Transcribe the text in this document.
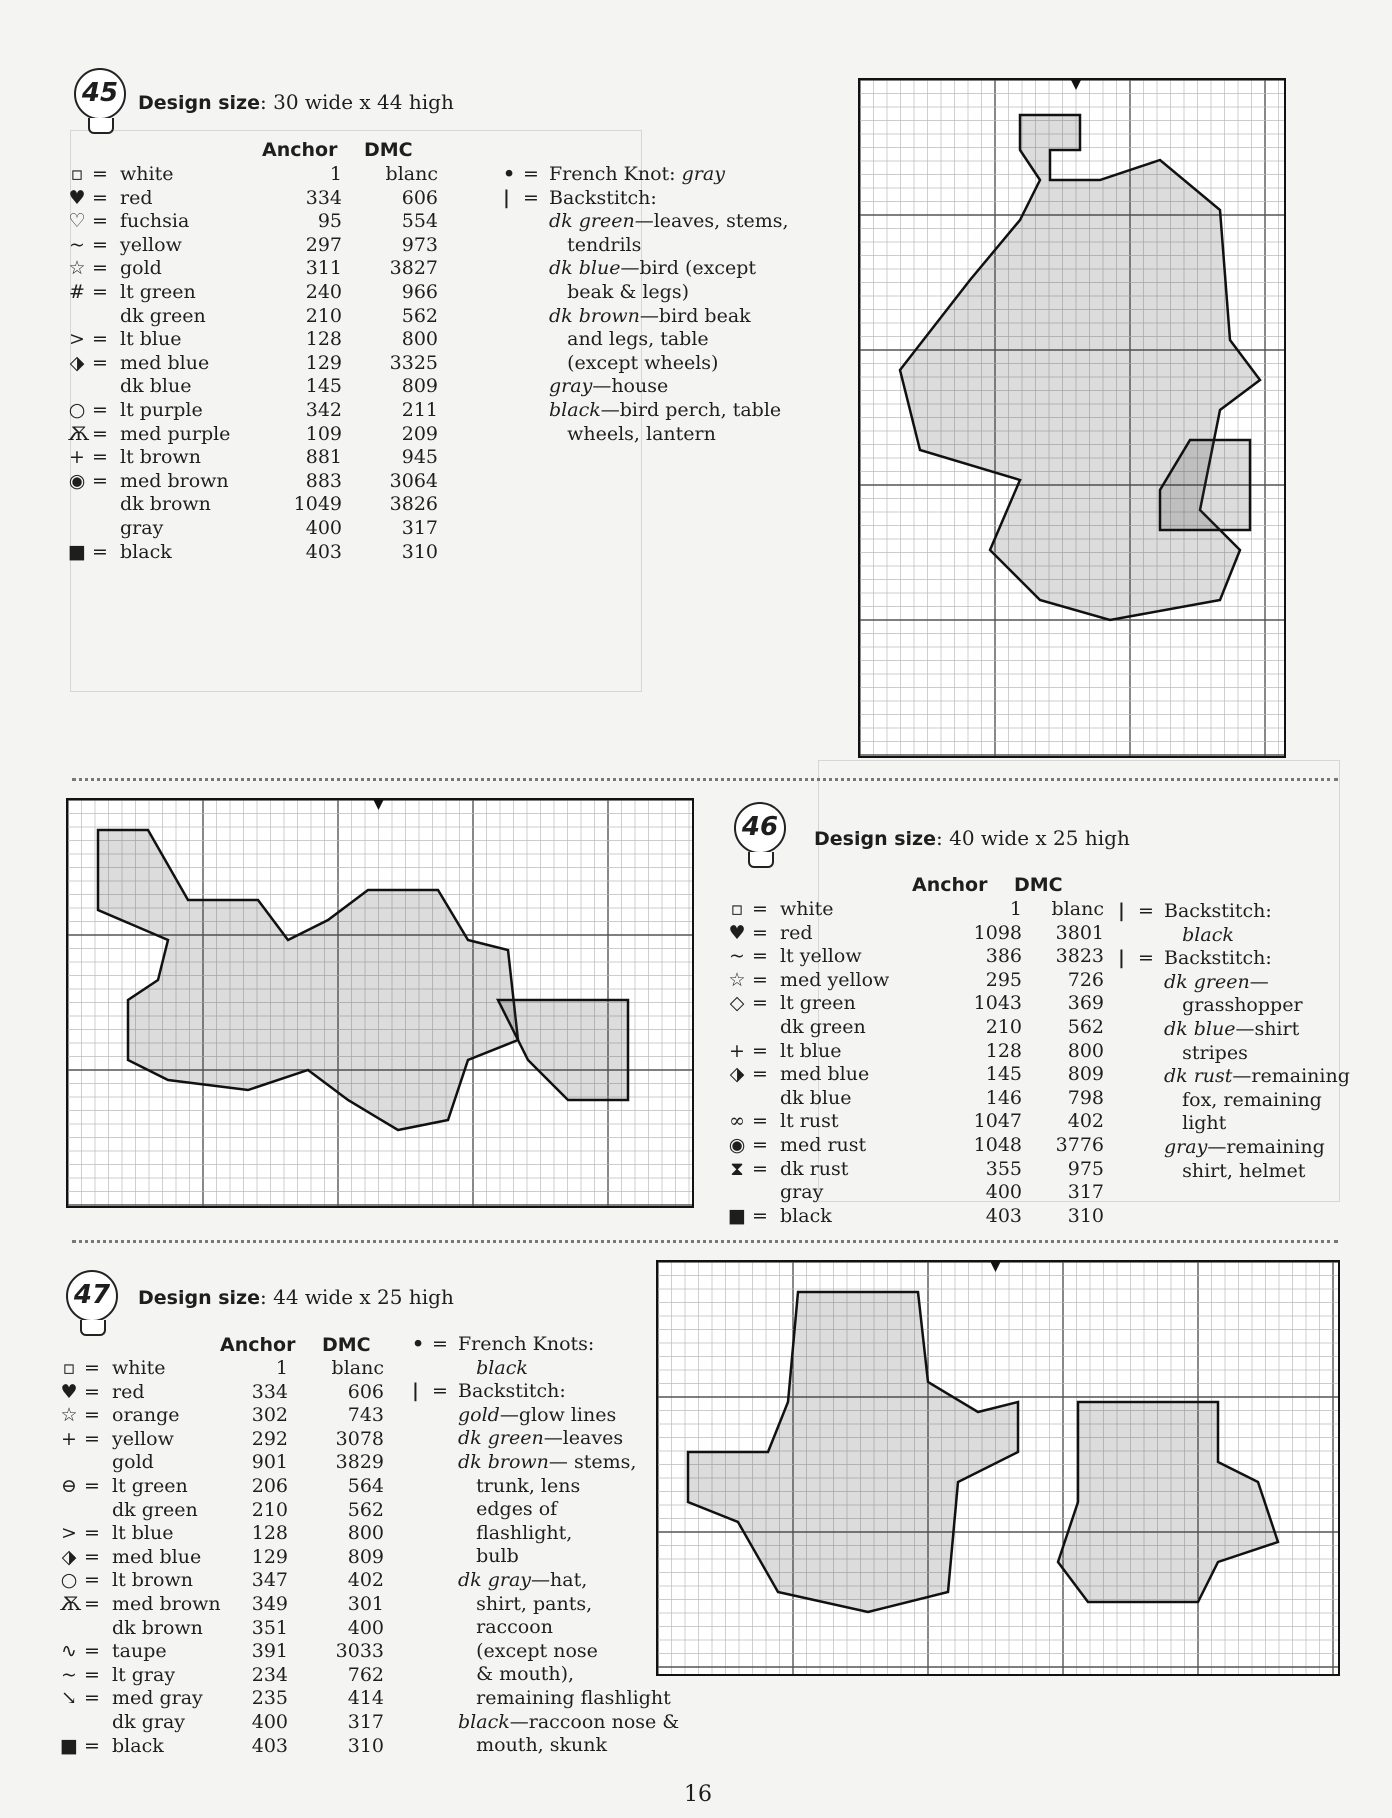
45	Design size: 30 wide x 44 high
Anchor DMC
▫ = white	1	blanc
♥ = red	334	606
♡ = fuchsia	95	554
~ = yellow	297	973
☆ = gold	311	3827
# = lt green	240	966
dk green	210	562
> = lt blue	128	800
⬗ = med blue	129	3325
dk blue	145	809
○ = lt purple	342	211
Ѫ = med purple	109	209
+ = lt brown	881	945
◉ = med brown	883	3064
dk brown	1049	3826
gray	400	317
■ = black	403	310
• = French Knot: gray
| = Backstitch:
dk green—leaves, stems,
tendrils
dk blue—bird (except
beak & legs)
dk brown—bird beak
and legs, table
(except wheels)
gray—house
black—bird perch, table
wheels, lantern
46	Design size: 40 wide x 25 high
Anchor DMC
▫ = white	1	blanc
♥ = red	1098	3801
~ = lt yellow	386	3823
☆ = med yellow	295	726
◇ = lt green	1043	369
dk green	210	562
+ = lt blue	128	800
⬗ = med blue	145	809
dk blue	146	798
∞ = lt rust	1047	402
◉ = med rust	1048	3776
⧗ = dk rust	355	975
gray	400	317
■ = black	403	310
| = Backstitch:
black
| = Backstitch:
dk green—
grasshopper
dk blue—shirt
stripes
dk rust—remaining
fox, remaining
light
gray—remaining
shirt, helmet
47	Design size: 44 wide x 25 high
Anchor DMC
▫ = white	1	blanc
♥ = red	334	606
☆ = orange	302	743
+ = yellow	292	3078
gold	901	3829
⊖ = lt green	206	564
dk green	210	562
> = lt blue	128	800
⬗ = med blue	129	809
○ = lt brown	347	402
Ѫ = med brown	349	301
dk brown	351	400
∿ = taupe	391	3033
~ = lt gray	234	762
↘ = med gray	235	414
dk gray	400	317
■ = black	403	310
• = French Knots:
black
| = Backstitch:
gold—glow lines
dk green—leaves
dk brown— stems,
trunk, lens
edges of
flashlight,
bulb
dk gray—hat,
shirt, pants,
raccoon
(except nose
& mouth),
remaining flashlight
black—raccoon nose &
mouth, skunk
16
